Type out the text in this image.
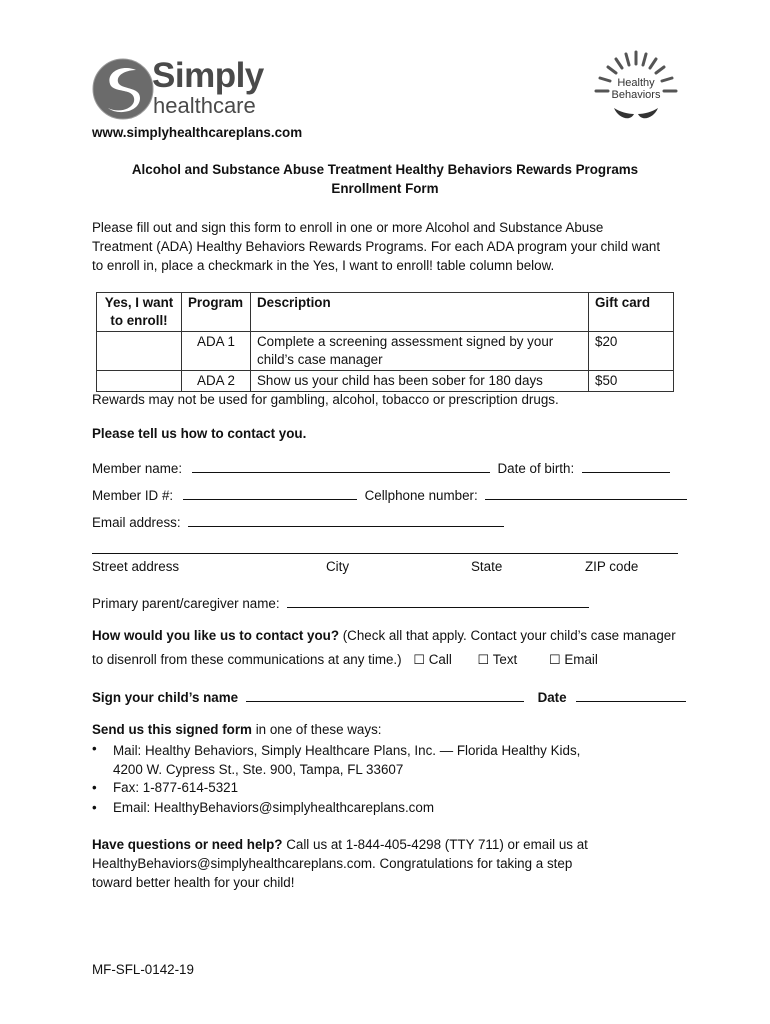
Simply
healthcare
www.simplyhealthcareplans.com
Healthy
Behaviors
Alcohol and Substance Abuse Treatment Healthy Behaviors Rewards Programs
Enrollment Form
Please fill out and sign this form to enroll in one or more Alcohol and Substance Abuse
Treatment (ADA) Healthy Behaviors Rewards Programs. For each ADA program your child want
to enroll in, place a checkmark in the Yes, I want to enroll! table column below.
Yes, I want
to enroll!	Program	Description	Gift card
	ADA 1	Complete a screening assessment signed by your
child’s case manager	$20
	ADA 2	Show us your child has been sober for 180 days	$50
Rewards may not be used for gambling, alcohol, tobacco or prescription drugs.
Please tell us how to contact you.
Member name:	Date of birth:
Member ID #:	Cellphone number:
Email address:
Street address	City	State	ZIP code
Primary parent/caregiver name:
How would you like us to contact you? (Check all that apply. Contact your child’s case manager
to disenroll from these communications at any time.) ☐ Call ☐ Text ☐ Email
Sign your child’s name	Date
Send us this signed form in one of these ways:
• Mail: Healthy Behaviors, Simply Healthcare Plans, Inc. — Florida Healthy Kids,
4200 W. Cypress St., Ste. 900, Tampa, FL 33607
• Fax: 1-877-614-5321
• Email: HealthyBehaviors@simplyhealthcareplans.com
Have questions or need help? Call us at 1-844-405-4298 (TTY 711) or email us at
HealthyBehaviors@simplyhealthcareplans.com. Congratulations for taking a step
toward better health for your child!
MF-SFL-0142-19
